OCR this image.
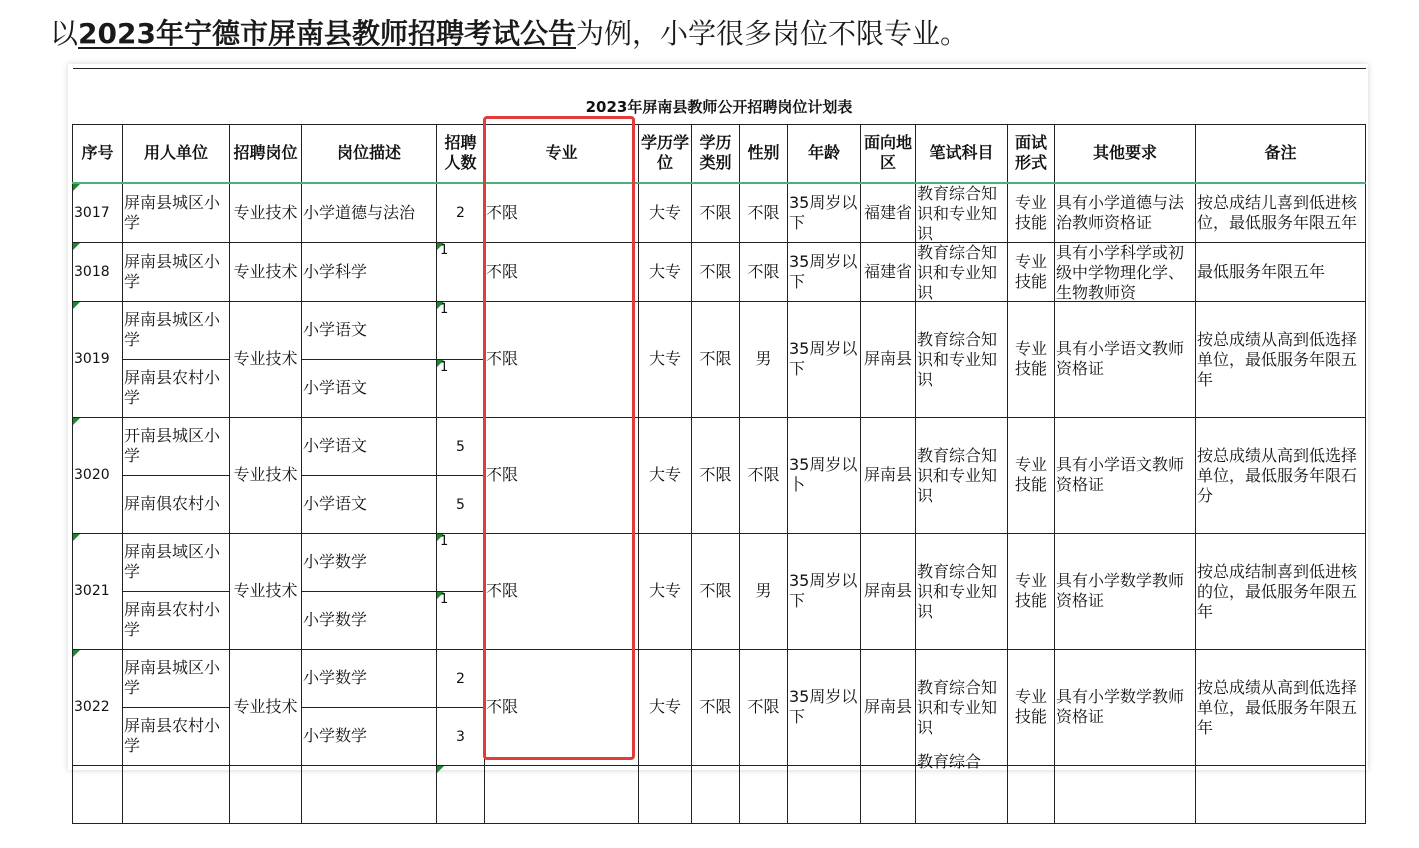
以2023年宁德市屏南县教师招聘考试公告为例，小学很多岗位不限专业。
2023年屏南县教师公开招聘岗位计划表														
序号	用人单位	招聘岗位	岗位描述	招聘人数	专业	学历学位	学历类别	性别	年龄	面向地区	笔试科目	面试形式	其他要求	备注
3017	屏南县城区小学	专业技术	小学道德与法治	2	不限	大专	不限	不限	35周岁以下	福建省	教育综合知识和专业知识	专业技能	具有小学道德与法治教师资格证	按总成结儿喜到低进核位，最低服务年限五年

3018	屏南县城区小学	专业技术	小学科学	1	不限	大专	不限	不限	35周岁以下	福建省	教育综合知识和专业知识	专业技能	具有小学科学或初级中学物理化学、生物教师资	最低服务年限五年

3019	屏南县城区小学	专业技术	小学语文	1	不限	大专	不限	男	35周岁以下	屏南县	教育综合知识和专业知识	专业技能	具有小学语文教师资格证	按总成绩从高到低选择单位，最低服务年限五年

	屏南县农村小学		小学语文	1										

3020	开南县城区小学	专业技术	小学语文	5	不限	大专	不限	不限	35周岁以卜	屏南县	教育综合知识和专业知识	专业技能	具有小学语文教师资格证	按总成绩从高到低选择单位，最低服务年限石分

	屏南俱农村小		小学语文	5										
3021	屏南县域区小学	专业技术	小学数学	1	不限	大专	不限	男	35周岁以下	屏南县	教育综合知识和专业知识	专业技能	具有小学数学教师资格证	按总成结制喜到低进核的位，最低服务年限五年

	屏南县农村小学		小学数学	1										

3022	屏南县城区小学	专业技术	小学数学	2	不限	大专	不限	不限	35周岁以下	屏南县	教育综合知识和专业知识	专业技能	具有小学数学教师资格证	按总成绩从高到低选择单位，最低服务年限五年

	屏南县农村小学		小学数学	3										

											教育综合			
